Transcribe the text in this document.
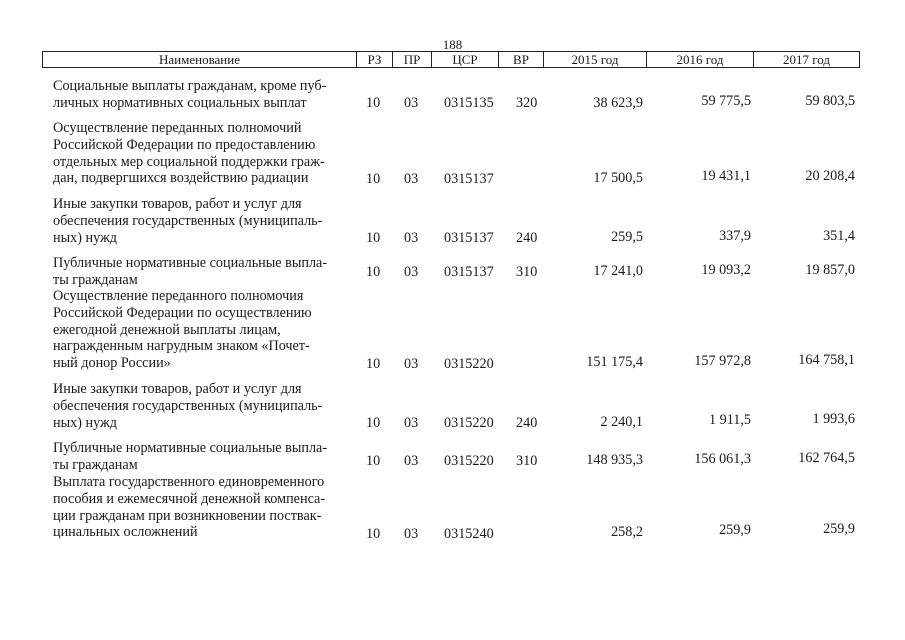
188
Наименование	РЗ	ПР	ЦСР	ВР	2015 год	2016 год	2017 год
Социальные выплаты гражданам, кроме пуб-
личных нормативных социальных выплат	10 03 0315135 320	38 623,9	59 775,5	59 803,5
Осуществление переданных полномочий
Российской Федерации по предоставлению
отдельных мер социальной поддержки граж-
дан, подвергшихся воздействию радиации	10 03 0315137	17 500,5	19 431,1	20 208,4
Иные закупки товаров, работ и услуг для
обеспечения государственных (муниципаль-
ных) нужд	10 03 0315137 240	259,5	337,9	351,4
Публичные нормативные социальные выпла-
ты гражданам	10 03 0315137 310	17 241,0	19 093,2	19 857,0
Осуществление переданного полномочия
Российской Федерации по осуществлению
ежегодной денежной выплаты лицам,
награжденным нагрудным знаком «Почет-
ный донор России»	10 03 0315220	151 175,4	157 972,8	164 758,1
Иные закупки товаров, работ и услуг для
обеспечения государственных (муниципаль-
ных) нужд	10 03 0315220 240	2 240,1	1 911,5	1 993,6
Публичные нормативные социальные выпла-
ты гражданам	10 03 0315220 310	148 935,3	156 061,3	162 764,5
Выплата государственного единовременного
пособия и ежемесячной денежной компенса-
ции гражданам при возникновении поствак-
цинальных осложнений	10 03 0315240	258,2	259,9	259,9
